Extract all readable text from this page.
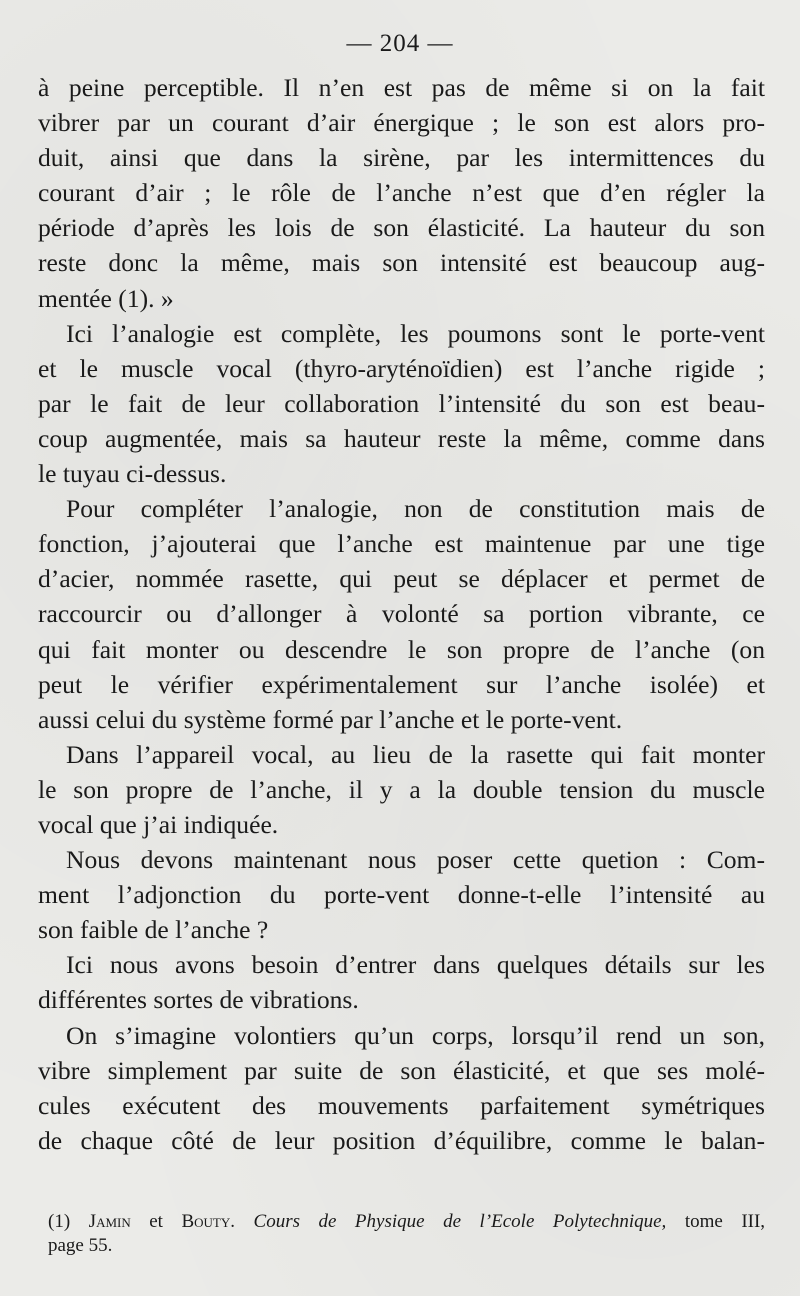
— 204 —

à peine perceptible. Il n’en est pas de même si on la fait
vibrer par un courant d’air énergique ; le son est alors pro-
duit, ainsi que dans la sirène, par les intermittences du
courant d’air ; le rôle de l’anche n’est que d’en régler la
période d’après les lois de son élasticité. La hauteur du son
reste donc la même, mais son intensité est beaucoup aug-
mentée (1). »

Ici l’analogie est complète, les poumons sont le porte-vent
et le muscle vocal (thyro-aryténoïdien) est l’anche rigide ;
par le fait de leur collaboration l’intensité du son est beau-
coup augmentée, mais sa hauteur reste la même, comme dans
le tuyau ci-dessus.

Pour compléter l’analogie, non de constitution mais de
fonction, j’ajouterai que l’anche est maintenue par une tige
d’acier, nommée rasette, qui peut se déplacer et permet de
raccourcir ou d’allonger à volonté sa portion vibrante, ce
qui fait monter ou descendre le son propre de l’anche (on
peut le vérifier expérimentalement sur l’anche isolée) et
aussi celui du système formé par l’anche et le porte-vent.

Dans l’appareil vocal, au lieu de la rasette qui fait monter
le son propre de l’anche, il y a la double tension du muscle
vocal que j’ai indiquée.

Nous devons maintenant nous poser cette quetion : Com-
ment l’adjonction du porte-vent donne-t-elle l’intensité au
son faible de l’anche ?

Ici nous avons besoin d’entrer dans quelques détails sur les
différentes sortes de vibrations.

On s’imagine volontiers qu’un corps, lorsqu’il rend un son,
vibre simplement par suite de son élasticité, et que ses molé-
cules exécutent des mouvements parfaitement symétriques
de chaque côté de leur position d’équilibre, comme le balan-

(1) Jamin et Bouty. Cours de Physique de l’Ecole Polytechnique, tome III,
page 55.
